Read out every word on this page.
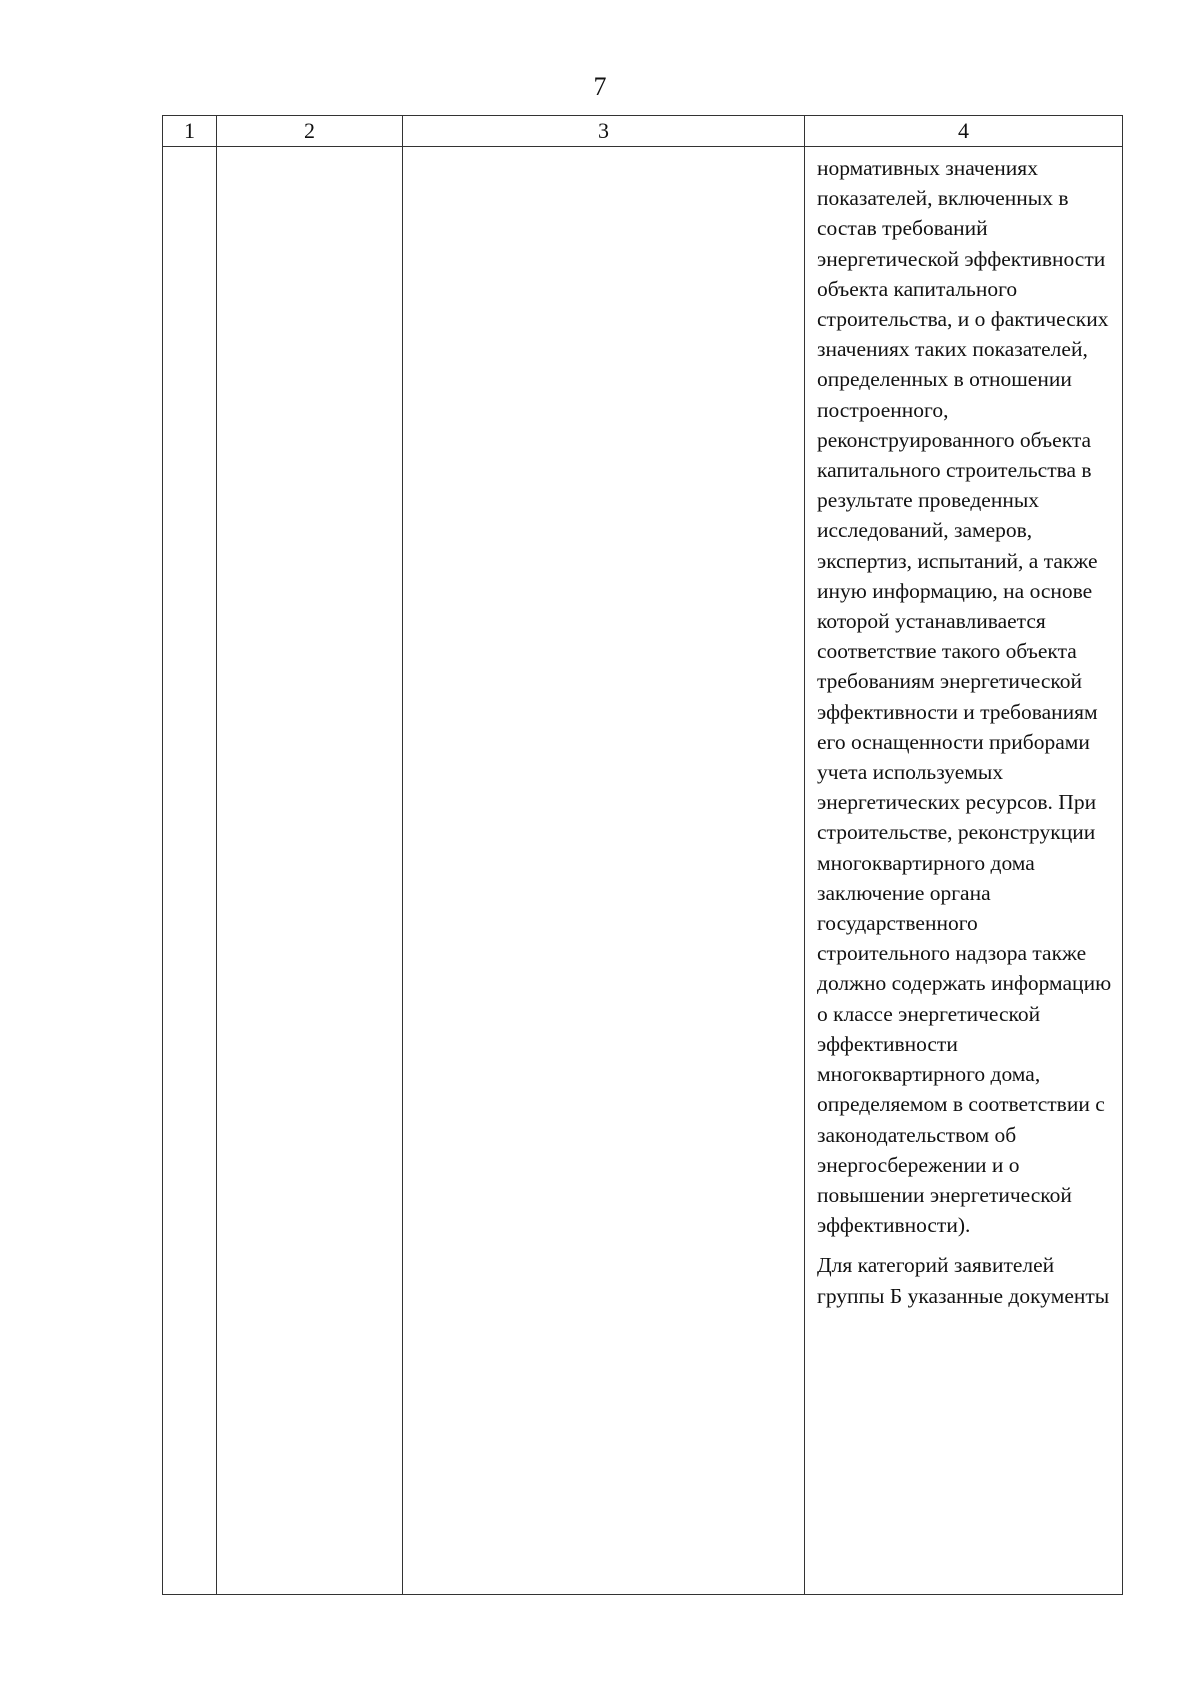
7
1	2	3	4

			нормативных значениях показателей, включенных в состав требований энергетической эффективности объекта капитального строительства, и о фактических значениях таких показателей, определенных в отношении построенного, реконструированного объекта капитального строительства в результате проведенных исследований, замеров, экспертиз, испытаний, а также иную информацию, на основе которой устанавливается соответствие такого объекта требованиям энергетической эффективности и требованиям его оснащенности приборами учета используемых энергетических ресурсов. При строительстве, реконструкции многоквартирного дома заключение органа государственного строительного надзора также должно содержать информацию о классе энергетической эффективности многоквартирного дома, определяемом в соответствии с законодательством об энергосбережении и о повышении энергетической эффективности).

Для категорий заявителей группы Б указанные документы
